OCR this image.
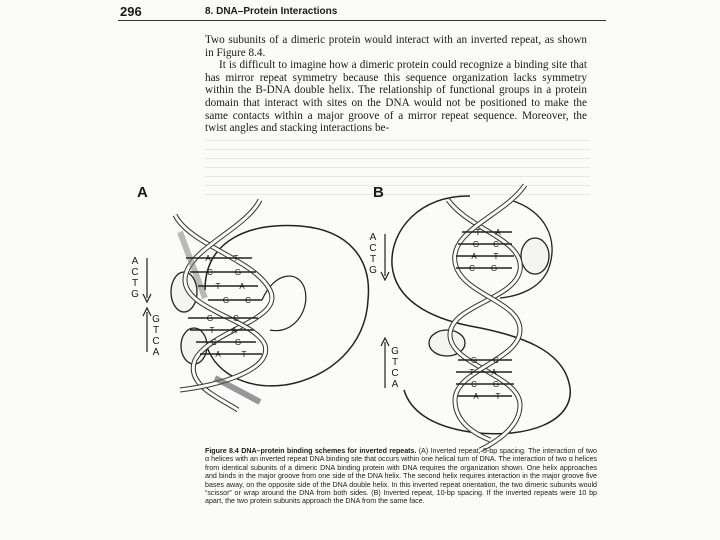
296	8. DNA–Protein Interactions

Two subunits of a dimeric protein would interact with an inverted repeat, as shown in Figure 8.4.

It is difficult to imagine how a dimeric protein could recognize a binding site that has mirror repeat symmetry because this sequence organization lacks symmetry within the B-DNA double helix. The relationship of functional groups in a protein domain that interact with sites on the DNA would not be positioned to make the same contacts within a major groove of a mirror repeat sequence. Moreover, the twist angles and stacking interactions be-

A	T
C	G
T A
G C
G C
T A
C G
A	T
T A
G C
A T
C G
G C
T A
C G
A T
A	B
A
C
T
G
G
T
C
A
A
C
T
G
G
T
C
A
Figure 8.4 DNA–protein binding schemes for inverted repeats. (A) Inverted repeat, 5-bp spacing. The interaction of two α helices with an inverted repeat DNA binding site that occurs within one helical turn of DNA. The interaction of two α helices from identical subunits of a dimeric DNA binding protein with DNA requires the organization shown. One helix approaches and binds in the major groove from one side of the DNA helix. The second helix requires interaction in the major groove five bases away, on the opposite side of the DNA double helix. In this inverted repeat orientation, the two dimeric subunits would “scissor” or wrap around the DNA from both sides. (B) Inverted repeat, 10-bp spacing. If the inverted repeats were 10 bp apart, the two protein subunits approach the DNA from the same face.
